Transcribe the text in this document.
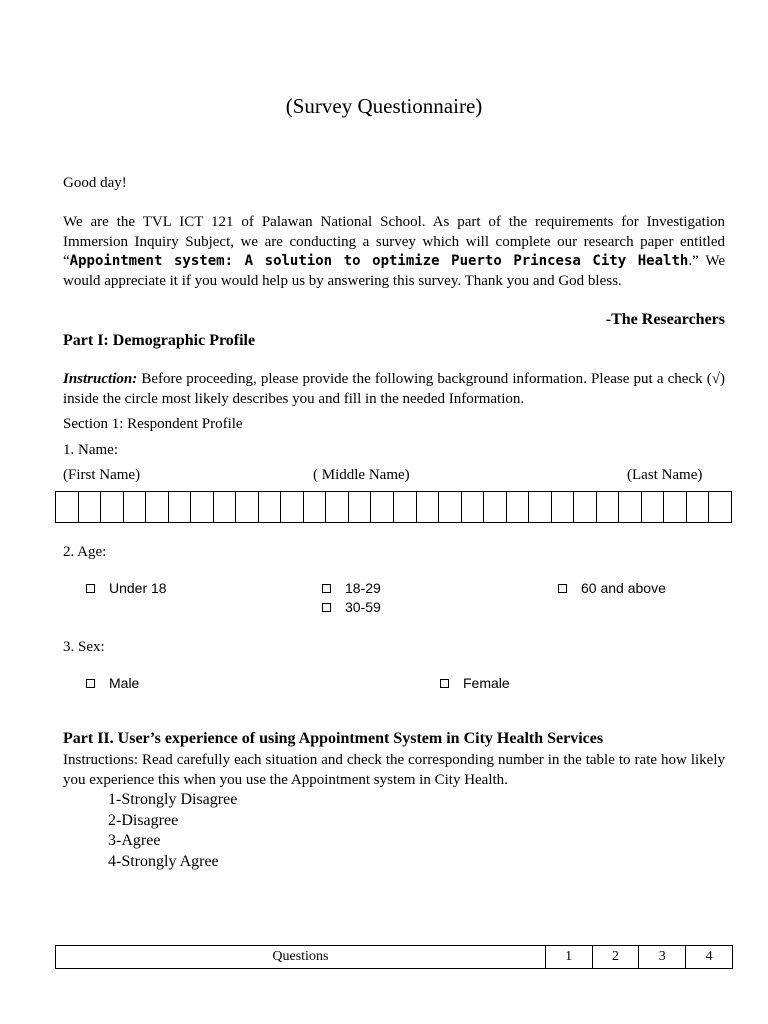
(Survey Questionnaire)
Good day!
We are the TVL ICT 121 of Palawan National School. As part of the requirements for Investigation Immersion Inquiry Subject, we are conducting a survey which will complete our research paper entitled “Appointment system: A solution to optimize Puerto Princesa City Health.” We would appreciate it if you would help us by answering this survey. Thank you and God bless.
-The Researchers
Part I: Demographic Profile
Instruction: Before proceeding, please provide the following background information. Please put a check (√) inside the circle most likely describes you and fill in the needed Information.
Section 1: Respondent Profile
1. Name:
(First Name)	( Middle Name)	(Last Name)
2. Age:
Under 18	18-29
30-59
60 and above
3. Sex:
Male	Female
Part II. User’s experience of using Appointment System in City Health Services
Instructions: Read carefully each situation and check the corresponding number in the table to rate how likely you experience this when you use the Appointment system in City Health.
1-Strongly Disagree
2-Disagree
3-Agree
4-Strongly Agree
Questions	1	2	3	4
